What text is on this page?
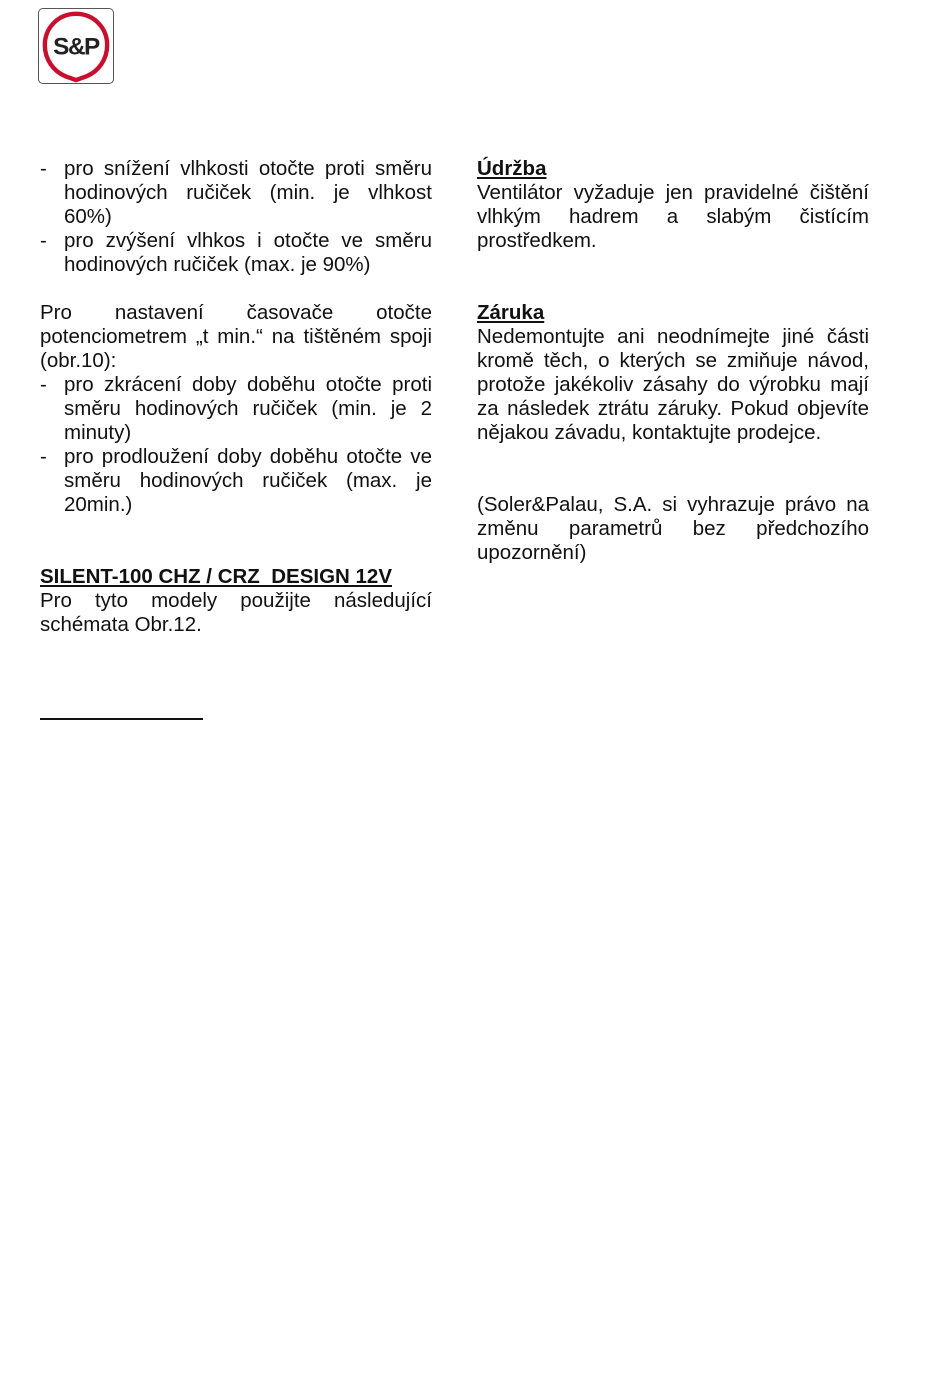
S&P

- pro snížení vlhkosti otočte proti směru hodinových ručiček (min. je vlhkost 60%)

- pro zvýšení vlhkos i otočte ve směru hodinových ručiček (max. je 90%)

Pro nastavení časovače otočte potenciometrem „t min.“ na tištěném spoji (obr.10):

- pro zkrácení doby doběhu otočte proti směru hodinových ručiček (min. je 2 minuty)

- pro prodloužení doby doběhu otočte ve směru hodinových ručiček (max. je 20min.)

SILENT-100 CHZ / CRZ  DESIGN 12V

Pro tyto modely použijte následující schémata Obr.12.

Údržba

Ventilátor vyžaduje jen pravidelné čištění vlhkým hadrem a slabým čistícím prostředkem.

Záruka

Nedemontujte ani neodnímejte jiné části kromě těch, o kterých se zmiňuje návod, protože jakékoliv zásahy do výrobku mají za následek ztrátu záruky. Pokud objevíte nějakou závadu, kontaktujte prodejce.

(Soler&Palau, S.A. si vyhrazuje právo na změnu parametrů bez předchozího upozornění)
